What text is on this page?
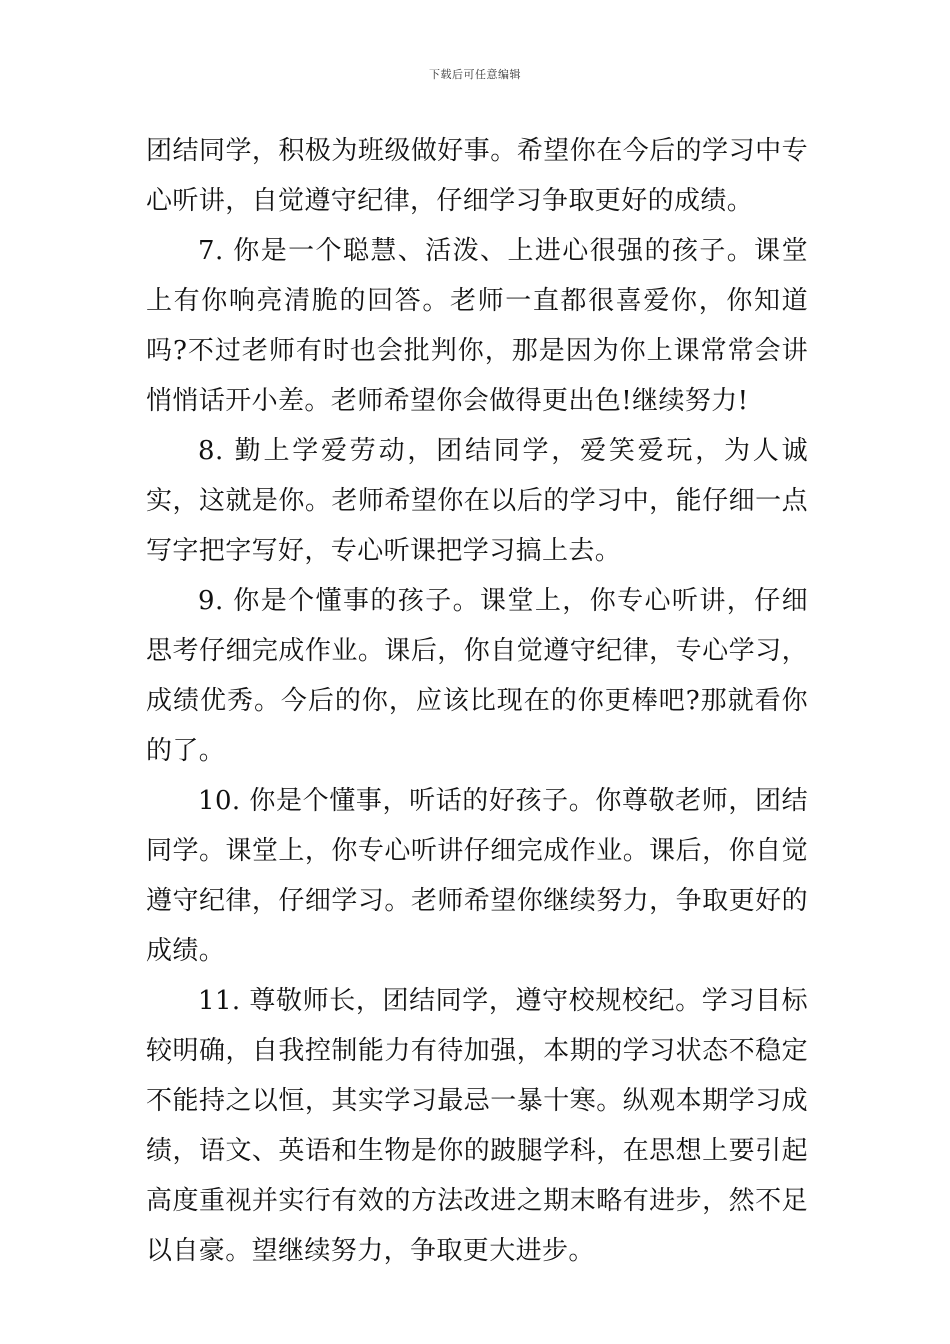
下载后可任意编辑

团结同学，积极为班级做好事。希望你在今后的学习中专心听讲，自觉遵守纪律，仔细学习争取更好的成绩。

7. 你是一个聪慧、活泼、上进心很强的孩子。课堂上有你响亮清脆的回答。老师一直都很喜爱你，你知道吗?不过老师有时也会批判你，那是因为你上课常常会讲悄悄话开小差。老师希望你会做得更出色!继续努力!

8. 勤上学爱劳动，团结同学，爱笑爱玩，为人诚实，这就是你。老师希望你在以后的学习中，能仔细一点写字把字写好，专心听课把学习搞上去。

9. 你是个懂事的孩子。课堂上，你专心听讲，仔细思考仔细完成作业。课后，你自觉遵守纪律，专心学习，成绩优秀。今后的你，应该比现在的你更棒吧?那就看你的了。

10. 你是个懂事，听话的好孩子。你尊敬老师，团结同学。课堂上，你专心听讲仔细完成作业。课后，你自觉遵守纪律，仔细学习。老师希望你继续努力，争取更好的成绩。

11. 尊敬师长，团结同学，遵守校规校纪。学习目标较明确，自我控制能力有待加强，本期的学习状态不稳定不能持之以恒，其实学习最忌一暴十寒。纵观本期学习成绩，语文、英语和生物是你的跛腿学科，在思想上要引起高度重视并实行有效的方法改进之期末略有进步，然不足以自豪。望继续努力，争取更大进步。
